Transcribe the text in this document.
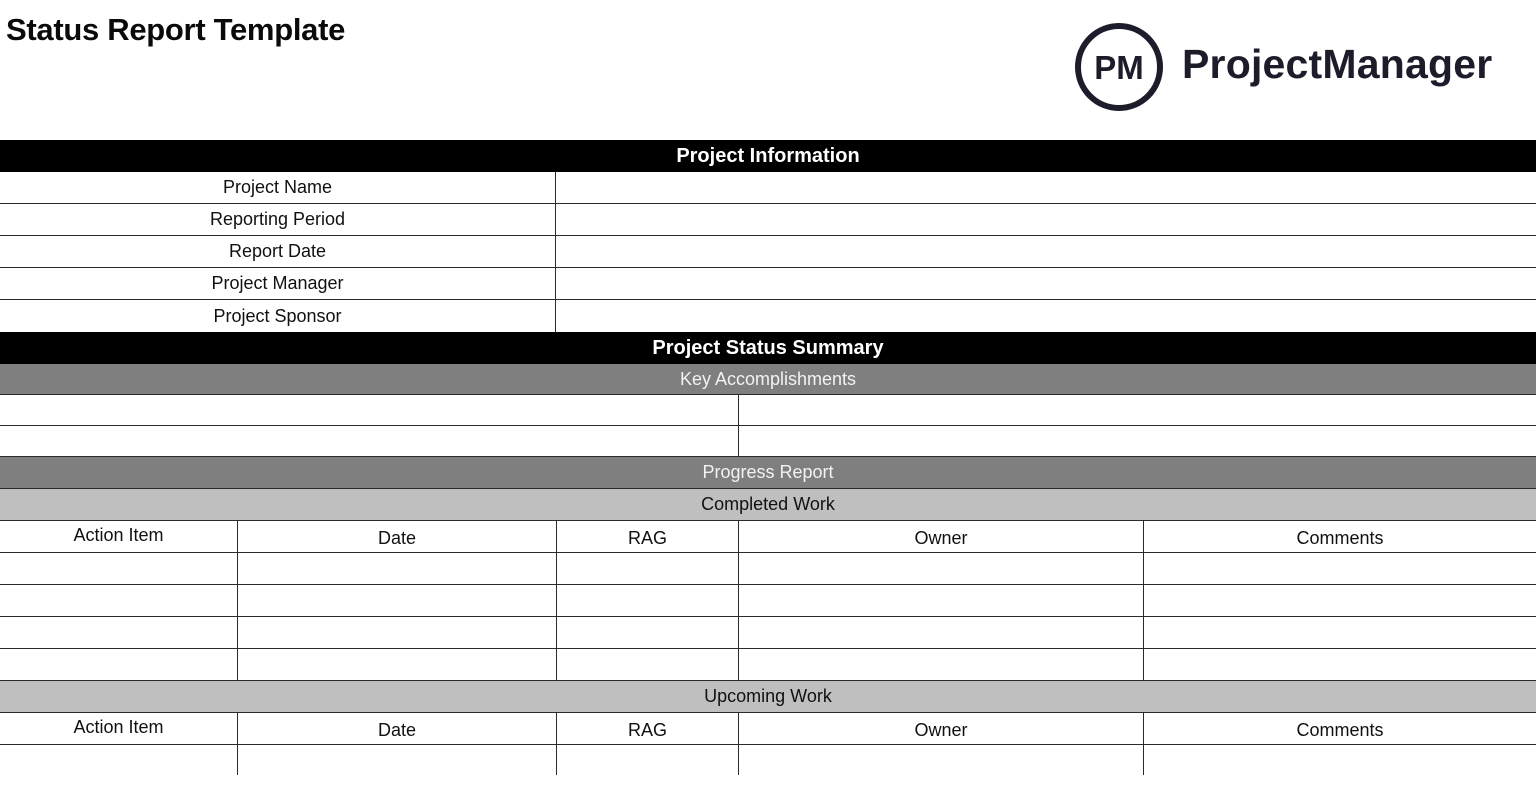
Status Report Template
PM ProjectManager
Project Information
Project Name
Reporting Period
Report Date
Project Manager
Project Sponsor
Project Status Summary
Key Accomplishments
Progress Report
Completed Work
Action Item	Date	RAG	Owner	Comments
Upcoming Work
Action Item	Date	RAG	Owner	Comments
